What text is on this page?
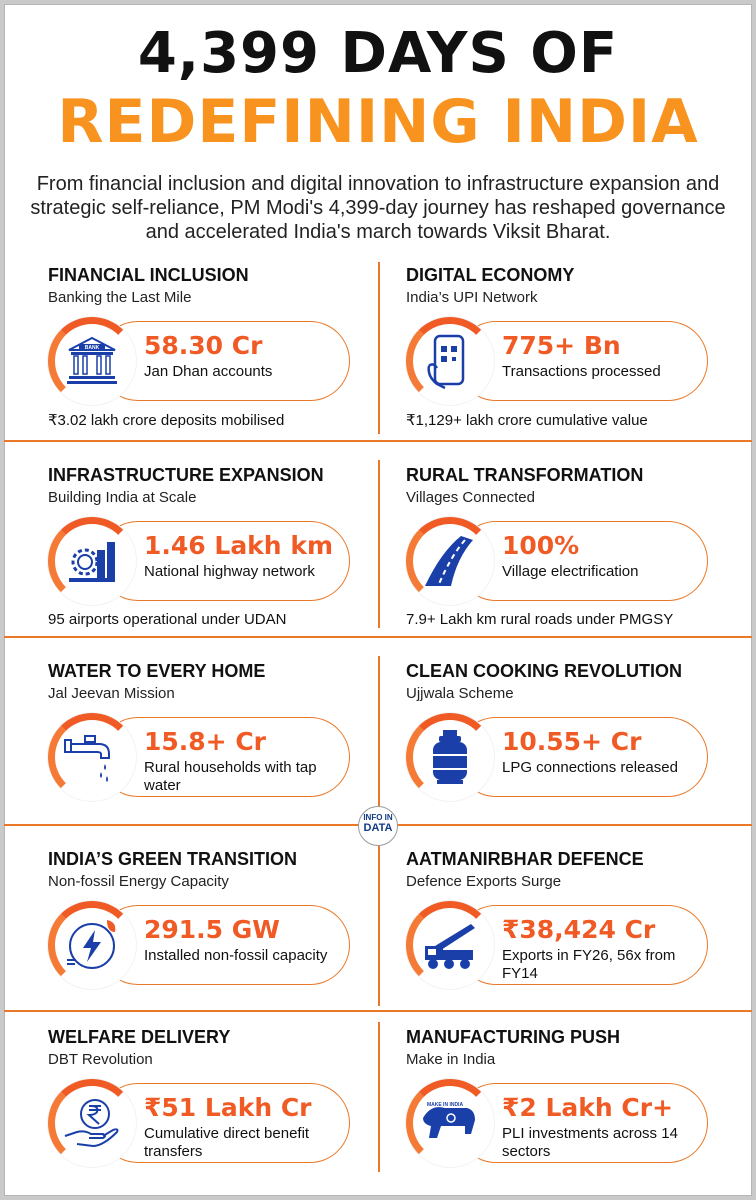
4,399 DAYS OF
REDEFINING INDIA
From financial inclusion and digital innovation to infrastructure expansion and strategic self-reliance, PM Modi's 4,399-day journey has reshaped governance and accelerated India's march towards Viksit Bharat.
FINANCIAL INCLUSION
Banking the Last Mile
BANK 58.30 Cr
Jan Dhan accounts
₹3.02 lakh crore deposits mobilised
DIGITAL ECONOMY
India’s UPI Network
775+ Bn
Transactions processed
₹1,129+ lakh crore cumulative value
INFRASTRUCTURE EXPANSION
Building India at Scale
1.46 Lakh km
National highway network
95 airports operational under UDAN
RURAL TRANSFORMATION
Villages Connected
100%
Village electrification
7.9+ Lakh km rural roads under PMGSY
WATER TO EVERY HOME
Jal Jeevan Mission
15.8+ Cr
Rural households with tap water
CLEAN COOKING REVOLUTION
Ujjwala Scheme
10.55+ Cr
LPG connections released
INFO IN
DATA
INDIA’S GREEN TRANSITION
Non-fossil Energy Capacity
291.5 GW
Installed non-fossil capacity
AATMANIRBHAR DEFENCE
Defence Exports Surge
₹38,424 Cr
Exports in FY26, 56x from FY14
WELFARE DELIVERY
DBT Revolution
₹51 Lakh Cr
Cumulative direct benefit transfers
MANUFACTURING PUSH
Make in India
MAKE IN INDIA ₹2 Lakh Cr+
PLI investments across 14 sectors
